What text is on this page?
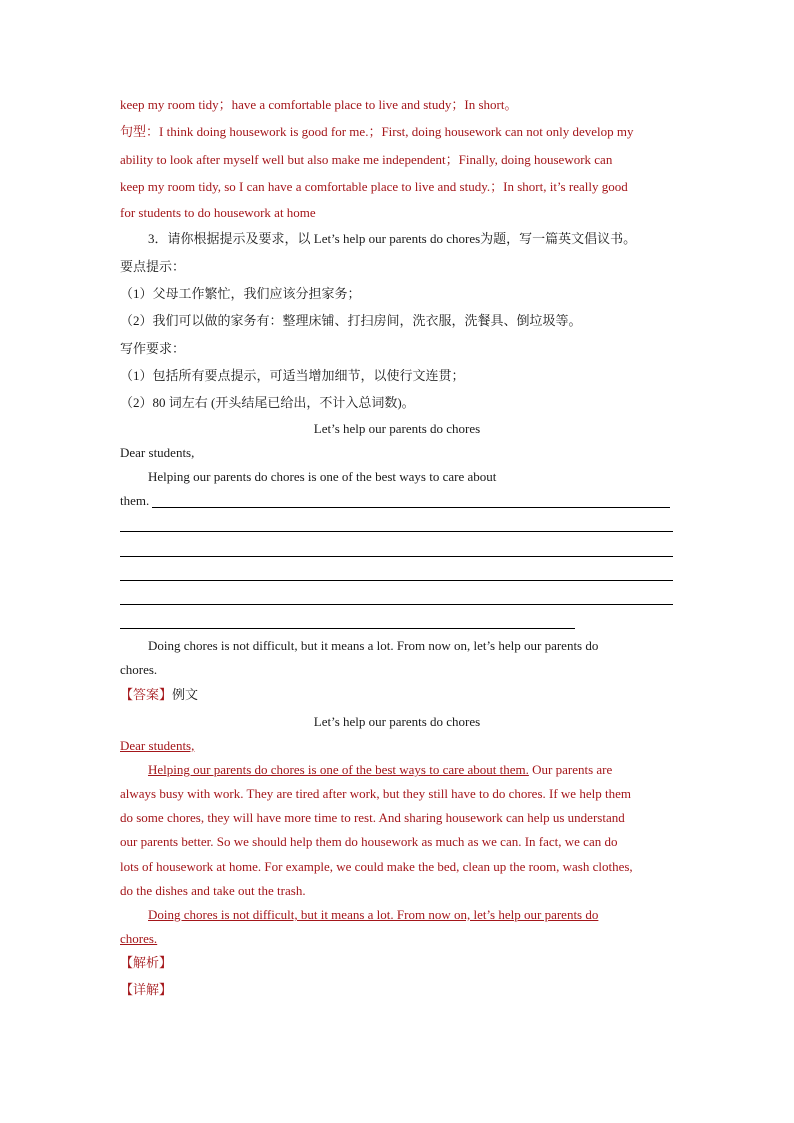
keep my room tidy；have a comfortable place to live and study；In short。
句型：I think doing housework is good for me.；First, doing housework can not only develop my
ability to look after myself well but also make me independent；Finally, doing housework can
keep my room tidy, so I can have a comfortable place to live and study.；In short, it’s really good
for students to do housework at home
3．请你根据提示及要求，以 Let’s help our parents do chores为题，写一篇英文倡议书。
要点提示：
（1）父母工作繁忙，我们应该分担家务；
（2）我们可以做的家务有：整理床铺、打扫房间，洗衣服，洗餐具、倒垃圾等。
写作要求：
（1）包括所有要点提示，可适当增加细节，以使行文连贯；
（2）80 词左右 (开头结尾已给出，不计入总词数)。
Let’s help our parents do chores
Dear students,
Helping our parents do chores is one of the best ways to care about
them.
Doing chores is not difficult, but it means a lot. From now on, let’s help our parents do
chores.
【答案】例文
Let’s help our parents do chores
Dear students,
Helping our parents do chores is one of the best ways to care about them. Our parents are
always busy with work. They are tired after work, but they still have to do chores. If we help them
do some chores, they will have more time to rest. And sharing housework can help us understand
our parents better. So we should help them do housework as much as we can. In fact, we can do
lots of housework at home. For example, we could make the bed, clean up the room, wash clothes,
do the dishes and take out the trash.
Doing chores is not difficult, but it means a lot. From now on, let’s help our parents do
chores.
【解析】
【详解】
